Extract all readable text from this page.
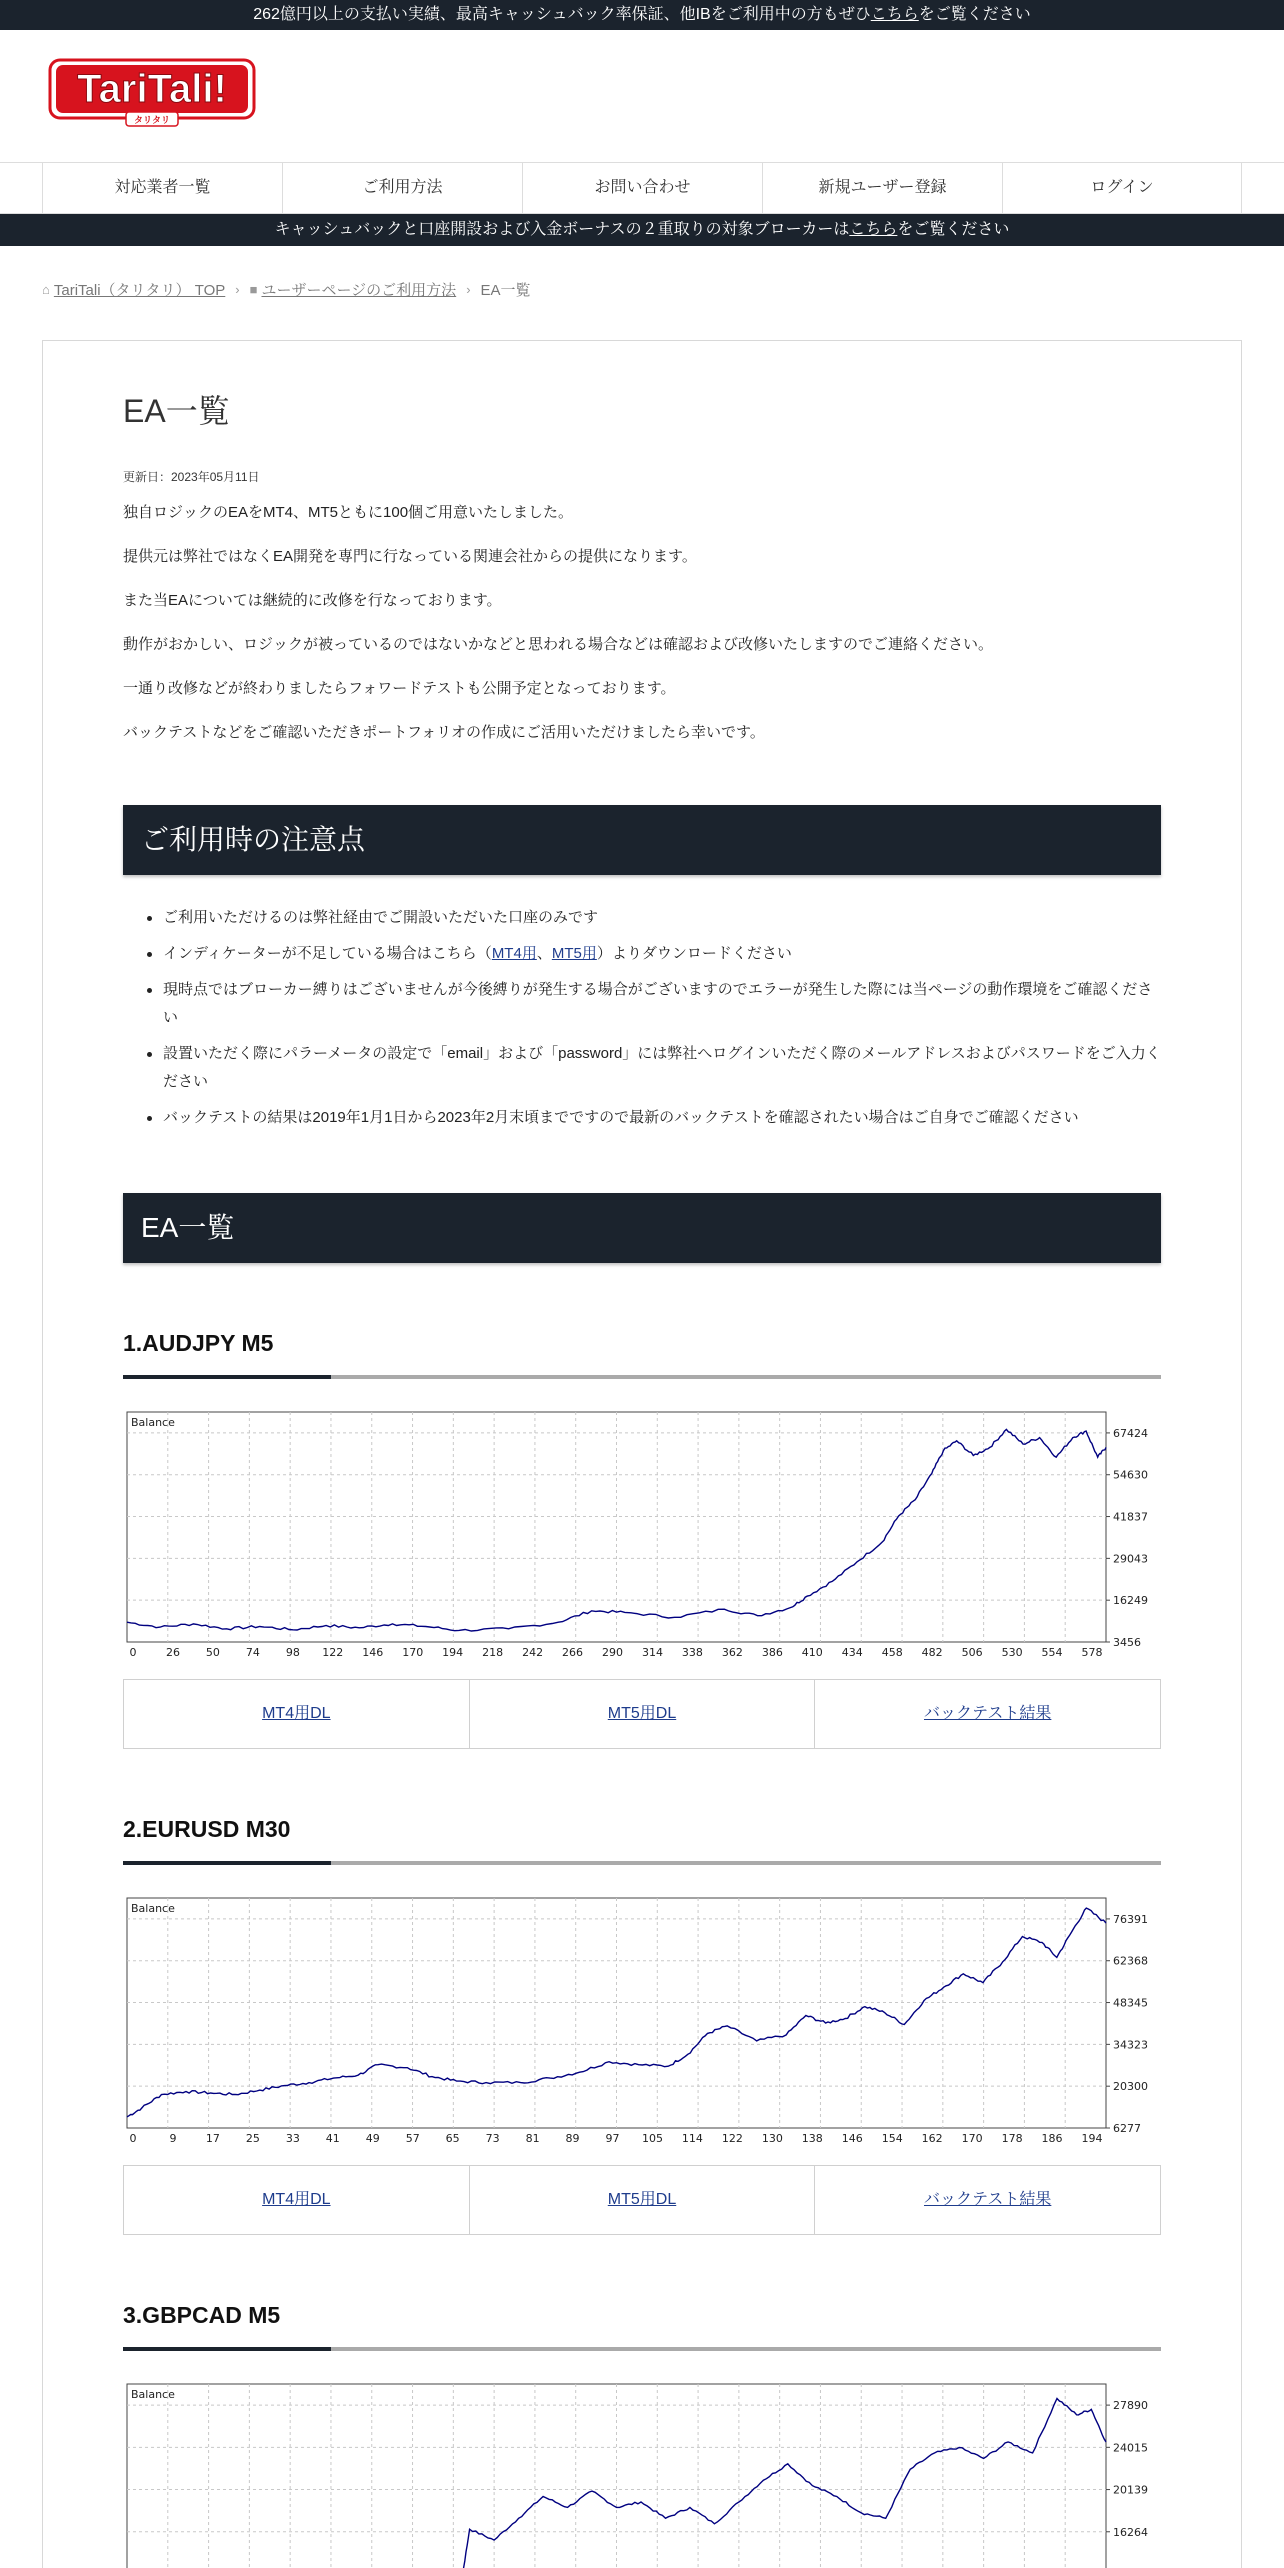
262億円以上の支払い実績、最高キャッシュバック率保証、他IBをご利用中の方もぜひこちらをご覧ください
TariTali!
タリタリ
対応業者一覧	ご利用方法	お問い合わせ	新規ユーザー登録	ログイン
キャッシュバックと口座開設および入金ボーナスの２重取りの対象ブローカーはこちらをご覧ください
⌂ TariTali（タリタリ） TOP › ■ ユーザーページのご利用方法 › EA一覧
EA一覧
更新日：2023年05月11日

独自ロジックのEAをMT4、MT5ともに100個ご用意いたしました。

提供元は弊社ではなくEA開発を専門に行なっている関連会社からの提供になります。

また当EAについては継続的に改修を行なっております。

動作がおかしい、ロジックが被っているのではないかなどと思われる場合などは確認および改修いたしますのでご連絡ください。

一通り改修などが終わりましたらフォワードテストも公開予定となっております。

バックテストなどをご確認いただきポートフォリオの作成にご活用いただけましたら幸いです。

ご利用時の注意点
ご利用いただけるのは弊社経由でご開設いただいた口座のみです
インディケーターが不足している場合はこちら（MT4用、MT5用）よりダウンロードください
現時点ではブローカー縛りはございませんが今後縛りが発生する場合がございますのでエラーが発生した際には当ページの動作環境をご確認ください
設置いただく際にパラーメータの設定で「email」および「password」には弊社へログインいただく際のメールアドレスおよびパスワードをご入力ください
バックテストの結果は2019年1月1日から2023年2月末頃までですので最新のバックテストを確認されたい場合はご自身でご確認ください
EA一覧
1.AUDJPY M5
67424
54630
41837
29043
16249
3456
0	26 50 74 98 122 146 170 194 218 242 266 290 314 338 362 386 410 434 458 482 506 530 554 578
Balance
MT4用DL	MT5用DL	バックテスト結果
2.EURUSD M30
76391
62368
48345
34323
20300
6277
0	9	17 25 33 41 49 57 65 73 81 89 97 105 114 122 130 138 146 154 162 170 178 186 194
Balance
MT4用DL	MT5用DL	バックテスト結果
3.GBPCAD M5
27890
24015
20139
16264
Balance
